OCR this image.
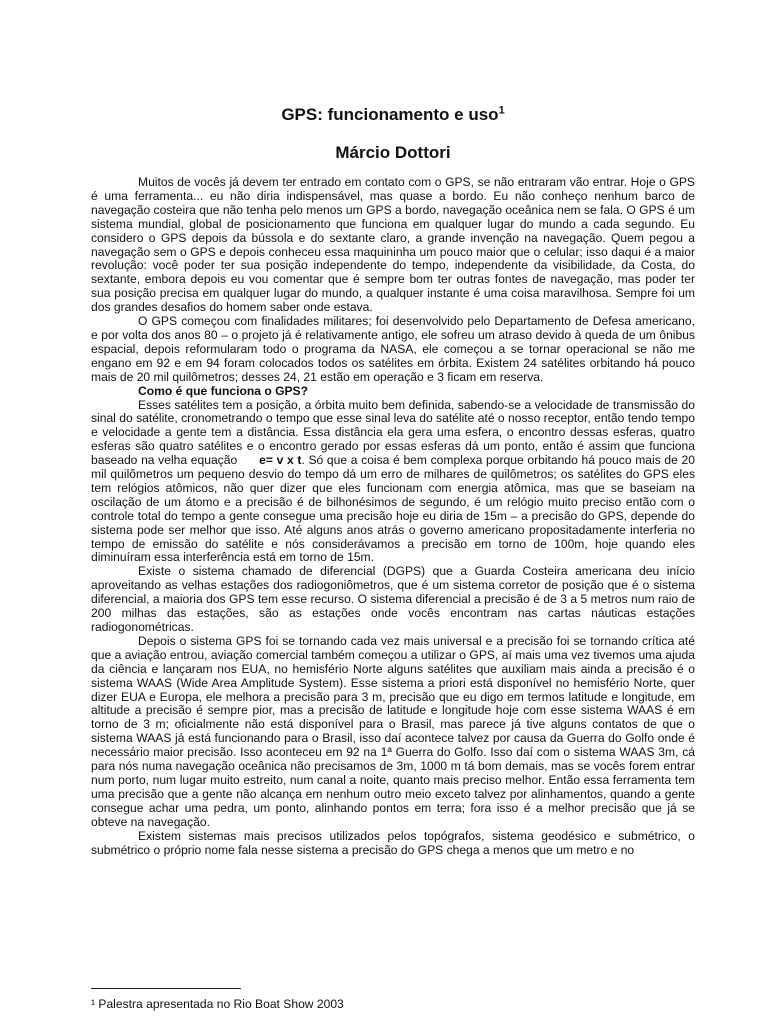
GPS: funcionamento e uso$^1$
Márcio Dottori

Muitos de vocês já devem ter entrado em contato com o GPS, se não entraram vão entrar. Hoje o GPS é uma ferramenta... eu não diria indispensável, mas quase a bordo. Eu não conheço nenhum barco de navegação costeira que não tenha pelo menos um GPS a bordo, navegação oceânica nem se fala. O GPS é um sistema mundial, global de posicionamento que funciona em qualquer lugar do mundo a cada segundo. Eu considero o GPS depois da bússola e do sextante claro, a grande invenção na navegação. Quem pegou a navegação sem o GPS e depois conheceu essa maquininha um pouco maior que o celular; isso daqui é a maior revolução: você poder ter sua posição independente do tempo, independente da visibilidade, da Costa, do sextante, embora depois eu vou comentar que é sempre bom ter outras fontes de navegação, mas poder ter sua posição precisa em qualquer lugar do mundo, a qualquer instante é uma coisa maravilhosa. Sempre foi um dos grandes desafios do homem saber onde estava.

O GPS começou com finalidades militares; foi desenvolvido pelo Departamento de Defesa americano, e por volta dos anos 80 – o projeto já é relativamente antigo, ele sofreu um atraso devido à queda de um ônibus espacial, depois reformularam todo o programa da NASA, ele começou a se tornar operacional se não me engano em 92 e em 94 foram colocados todos os satélites em órbita. Existem 24 satélites orbitando há pouco mais de 20 mil quilômetros; desses 24, 21 estão em operação e 3 ficam em reserva.

Como é que funciona o GPS?

Esses satélites tem a posição, a órbita muito bem definida, sabendo-se a velocidade de transmissão do sinal do satélite, cronometrando o tempo que esse sinal leva do satélite até o nosso receptor, então tendo tempo e velocidade a gente tem a distância. Essa distância ela gera uma esfera, o encontro dessas esferas, quatro esferas são quatro satélites e o encontro gerado por essas esferas dá um ponto, então é assim que funciona baseado na velha equação e= v x t. Só que a coisa é bem complexa porque orbitando há pouco mais de 20 mil quilômetros um pequeno desvio do tempo dá um erro de milhares de quilômetros; os satélites do GPS eles tem relógios atômicos, não quer dizer que eles funcionam com energia atômica, mas que se baseiam na oscilação de um átomo e a precisão é de bilhonésimos de segundo, é um relógio muito preciso então com o controle total do tempo a gente consegue uma precisão hoje eu diria de 15m – a precisão do GPS, depende do sistema pode ser melhor que isso. Até alguns anos atrás o governo americano propositadamente interferia no tempo de emissão do satélite e nós considerávamos a precisão em torno de 100m, hoje quando eles diminuíram essa interferência está em torno de 15m.

Existe o sistema chamado de diferencial (DGPS) que a Guarda Costeira americana deu início aproveitando as velhas estações dos radiogoniômetros, que é um sistema corretor de posição que é o sistema diferencial, a maioria dos GPS tem esse recurso. O sistema diferencial a precisão é de 3 a 5 metros num raio de 200 milhas das estações, são as estações onde vocês encontram nas cartas náuticas estações radiogonométricas.

Depois o sistema GPS foi se tornando cada vez mais universal e a precisão foi se tornando crítica até que a aviação entrou, aviação comercial também começou a utilizar o GPS, aí mais uma vez tivemos uma ajuda da ciência e lançaram nos EUA, no hemisfério Norte alguns satélites que auxiliam mais ainda a precisão é o sistema WAAS (Wide Area Amplitude System). Esse sistema a priori está disponível no hemisfério Norte, quer dizer EUA e Europa, ele melhora a precisão para 3 m, precisão que eu digo em termos latitude e longitude, em altitude a precisão é sempre pior, mas a precisão de latitude e longitude hoje com esse sistema WAAS é em torno de 3 m; oficialmente não está disponível para o Brasil, mas parece já tive alguns contatos de que o sistema WAAS já está funcionando para o Brasil, isso daí acontece talvez por causa da Guerra do Golfo onde é necessário maior precisão. Isso aconteceu em 92 na 1ª Guerra do Golfo. Isso daí com o sistema WAAS 3m, cá para nós numa navegação oceânica não precisamos de 3m, 1000 m tá bom demais, mas se vocês forem entrar num porto, num lugar muito estreito, num canal a noite, quanto mais preciso melhor. Então essa ferramenta tem uma precisão que a gente não alcança em nenhum outro meio exceto talvez por alinhamentos, quando a gente consegue achar uma pedra, um ponto, alinhando pontos em terra; fora isso é a melhor precisão que já se obteve na navegação.

Existem sistemas mais precisos utilizados pelos topógrafos, sistema geodésico e submétrico, o submétrico o próprio nome fala nesse sistema a precisão do GPS chega a menos que um metro e no

¹ Palestra apresentada no Rio Boat Show 2003
